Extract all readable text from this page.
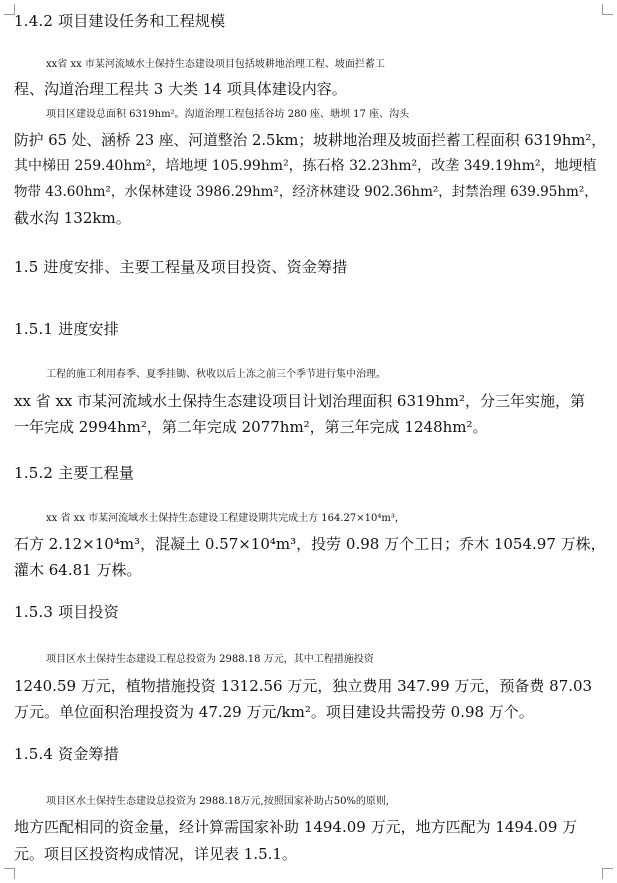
1.4.2 项目建设任务和工程规模
xx省 xx 市某河流域水土保持生态建设项目包括坡耕地治理工程、坡面拦蓄工
程、沟道治理工程共 3 大类 14 项具体建设内容。
项目区建设总面积 6319hm²。沟道治理工程包括谷坊 280 座、塘坝 17 座、沟头
防护 65 处、涵桥 23 座、河道整治 2.5km；坡耕地治理及坡面拦蓄工程面积 6319hm²，
其中梯田 259.40hm²，培地埂 105.99hm²，拣石格 32.23hm²，改垄 349.19hm²，地埂植
物带 43.60hm²，水保林建设 3986.29hm²，经济林建设 902.36hm²，封禁治理 639.95hm²，
截水沟 132km。
1.5 进度安排、主要工程量及项目投资、资金筹措
1.5.1 进度安排
工程的施工利用春季、夏季挂锄、秋收以后上冻之前三个季节进行集中治理。
xx 省 xx 市某河流域水土保持生态建设项目计划治理面积 6319hm²，分三年实施，第
一年完成 2994hm²，第二年完成 2077hm²，第三年完成 1248hm²。
1.5.2 主要工程量
xx 省 xx 市某河流域水土保持生态建设工程建设期共完成土方 164.27×10⁴m³，
石方 2.12×10⁴m³，混凝土 0.57×10⁴m³，投劳 0.98 万个工日；乔木 1054.97 万株，
灌木 64.81 万株。
1.5.3 项目投资
项目区水土保持生态建设工程总投资为 2988.18 万元，其中工程措施投资
1240.59 万元，植物措施投资 1312.56 万元，独立费用 347.99 万元，预备费 87.03
万元。单位面积治理投资为 47.29 万元/km²。项目建设共需投劳 0.98 万个。
1.5.4 资金筹措
项目区水土保持生态建设总投资为 2988.18万元,按照国家补助占50%的原则,
地方匹配相同的资金量，经计算需国家补助 1494.09 万元，地方匹配为 1494.09 万
元。项目区投资构成情况，详见表 1.5.1。
